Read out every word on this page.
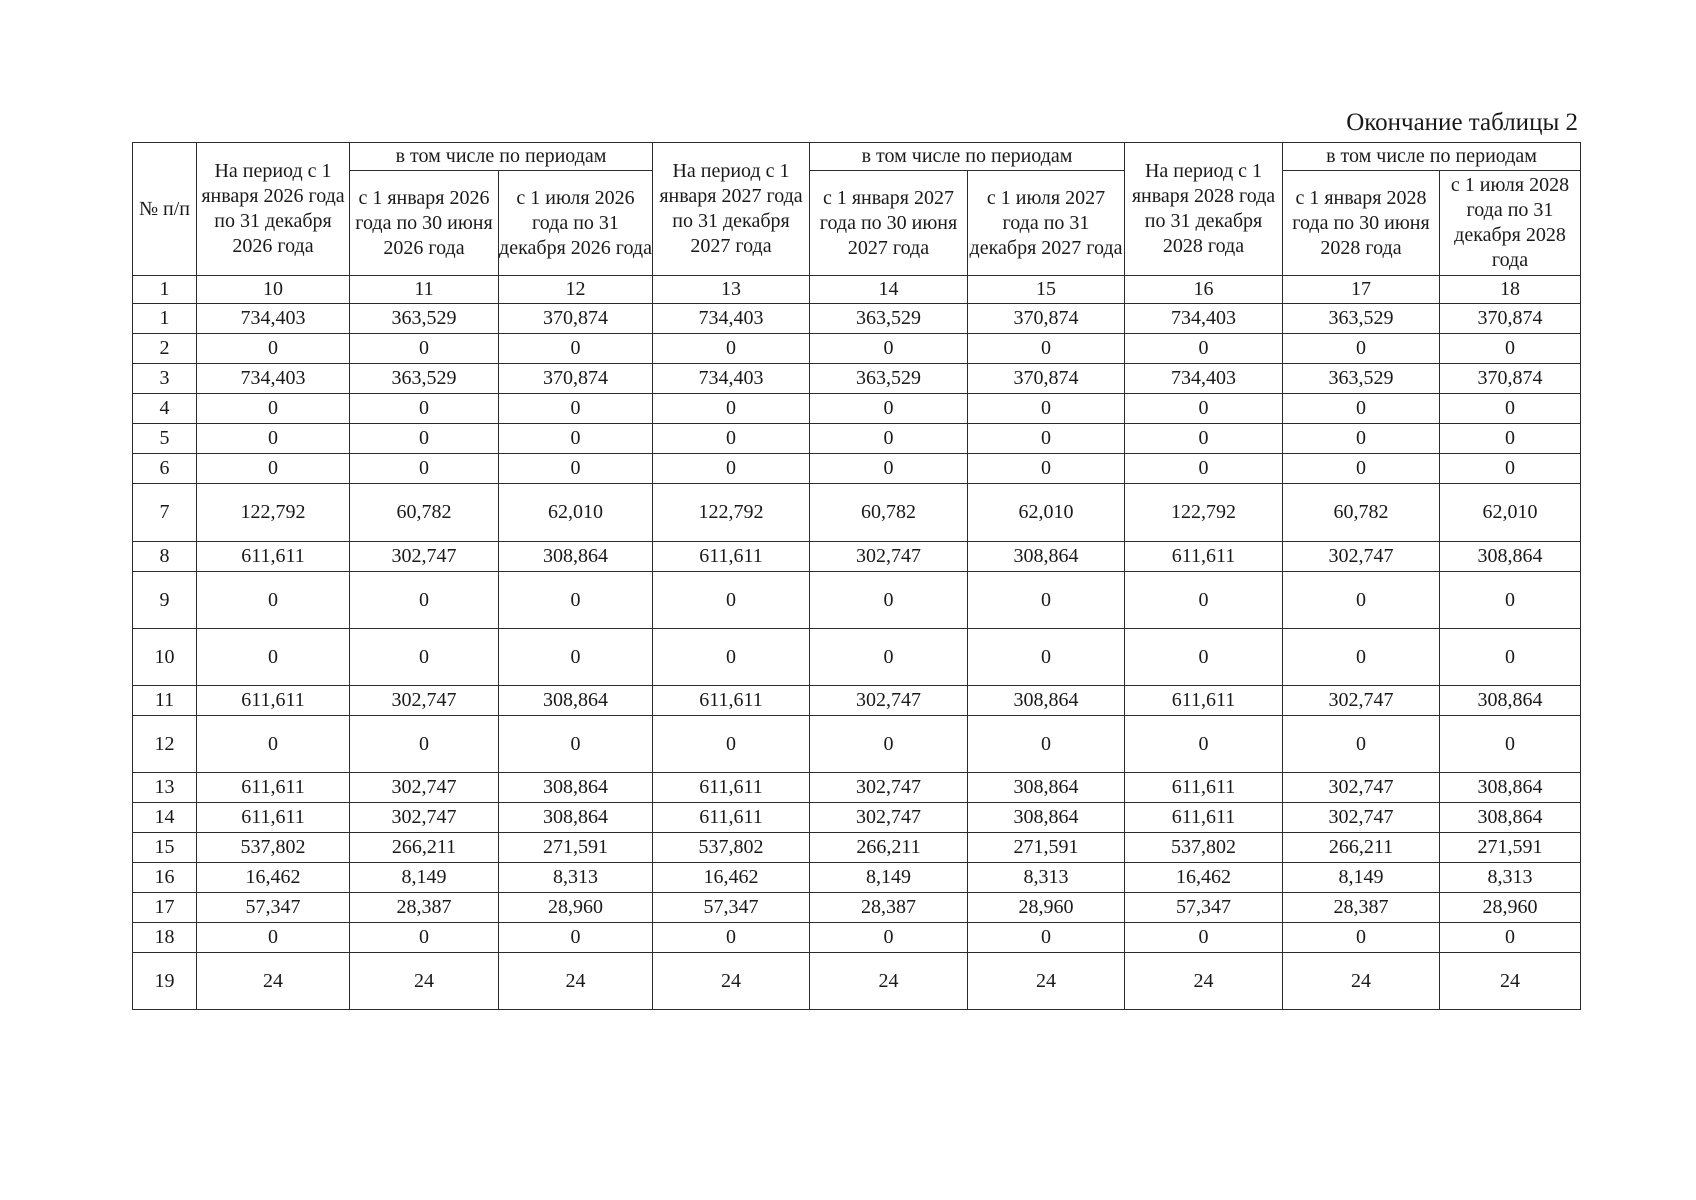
Окончание таблицы 2
№ п/п	На период с 1 января 2026 года по 31 декабря 2026 года	в том числе по периодам		На период с 1 января 2027 года по 31 декабря 2027 года	в том числе по периодам		На период с 1 января 2028 года по 31 декабря 2028 года	в том числе по периодам	
		с 1 января 2026 года по 30 июня 2026 года	с 1 июля 2026 года по 31 декабря 2026 года		с 1 января 2027 года по 30 июня 2027 года	с 1 июля 2027 года по 31 декабря 2027 года		с 1 января 2028 года по 30 июня 2028 года	с 1 июля 2028 года по 31 декабря 2028 года
1	10	11	12	13	14	15	16	17	18
1	734,403	363,529	370,874	734,403	363,529	370,874	734,403	363,529	370,874
2	0	0	0	0	0	0	0	0	0
3	734,403	363,529	370,874	734,403	363,529	370,874	734,403	363,529	370,874
4	0	0	0	0	0	0	0	0	0
5	0	0	0	0	0	0	0	0	0
6	0	0	0	0	0	0	0	0	0
7	122,792	60,782	62,010	122,792	60,782	62,010	122,792	60,782	62,010
8	611,611	302,747	308,864	611,611	302,747	308,864	611,611	302,747	308,864
9	0	0	0	0	0	0	0	0	0
10	0	0	0	0	0	0	0	0	0
11	611,611	302,747	308,864	611,611	302,747	308,864	611,611	302,747	308,864
12	0	0	0	0	0	0	0	0	0
13	611,611	302,747	308,864	611,611	302,747	308,864	611,611	302,747	308,864
14	611,611	302,747	308,864	611,611	302,747	308,864	611,611	302,747	308,864
15	537,802	266,211	271,591	537,802	266,211	271,591	537,802	266,211	271,591
16	16,462	8,149	8,313	16,462	8,149	8,313	16,462	8,149	8,313
17	57,347	28,387	28,960	57,347	28,387	28,960	57,347	28,387	28,960
18	0	0	0	0	0	0	0	0	0
19	24	24	24	24	24	24	24	24	24
